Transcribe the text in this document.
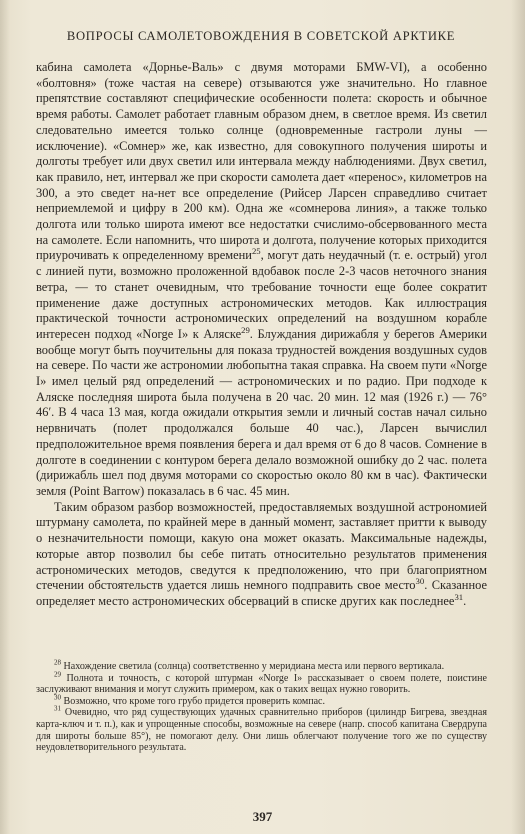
ВОПРОСЫ САМОЛЕТОВОЖДЕНИЯ В СОВЕТСКОЙ АРКТИКЕ

кабина самолета «Дорнье-Валь» с двумя моторами БМW-VI), а особенно «болтовня» (тоже частая на севере) отзываются уже значительно. Но главное препятствие составляют специфические особенности полета: скорость и обычное время работы. Самолет работает главным образом днем, в светлое время. Из светил следовательно имеется только солнце (одновременные гастроли луны — исключение). «Сомнер» же, как известно, для совокупного получения широты и долготы требует или двух светил или интервала между наблюдениями. Двух светил, как правило, нет, интервал же при скорости самолета дает «перенос», километров на 300, а это сведет на-нет все определение (Рийсер Ларсен справедливо считает неприемлемой и цифру в 200 км). Одна же «сомнерова линия», а также только долгота или только широта имеют все недостатки счислимо-обсервованного места на самолете. Если напомнить, что широта и долгота, получение которых приходится приурочивать к определенному времени$^{25}$, могут дать неудачный (т. е. острый) угол с линией пути, возможно проложенной вдобавок после 2-3 часов неточного знания ветра, — то станет очевидным, что требование точности еще более сократит применение даже доступных астрономических методов. Как иллюстрация практической точности астрономических определений на воздушном корабле интересен подход «Norge I» к Аляске$^{29}$. Блуждания дирижабля у берегов Америки вообще могут быть поучительны для показа трудностей вождения воздушных судов на севере. По части же астрономии любопытна такая справка. На своем пути «Norge I» имел целый ряд определений — астрономических и по радио. При подходе к Аляске последняя широта была получена в 20 час. 20 мин. 12 мая (1926 г.) — 76° 46′. В 4 часа 13 мая, когда ожидали открытия земли и личный состав начал сильно нервничать (полет продолжался больше 40 час.), Ларсен вычислил предположительное время появления берега и дал время от 6 до 8 часов. Сомнение в долготе в соединении с контуром берега делало возможной ошибку до 2 час. полета (дирижабль шел под двумя моторами со скоростью около 80 км в час). Фактически земля (Point Barrow) показалась в 6 час. 45 мин.

Таким образом разбор возможностей, предоставляемых воздушной астрономией штурману самолета, по крайней мере в данный момент, заставляет притти к выводу о незначительности помощи, какую она может оказать. Максимальные надежды, которые автор позволил бы себе питать относительно результатов применения астрономических методов, сведутся к предположению, что при благоприятном стечении обстоятельств удается лишь немного подправить свое место$^{30}$. Сказанное определяет место астрономических обсерваций в списке других как последнее$^{31}$.

$^{28}$ Нахождение светила (солнца) соответственно у меридиана места или первого вертикала.

$^{29}$ Полнота и точность, с которой штурман «Norge I» рассказывает о своем полете, поистине заслуживают внимания и могут служить примером, как о таких вещах нужно говорить.

$^{30}$ Возможно, что кроме того грубо придется проверить компас.

$^{31}$ Очевидно, что ряд существующих удачных сравнительно приборов (цилиндр Бигрева, звездная карта-ключ и т. п.), как и упрощенные способы, возможные на севере (напр. способ капитана Свердрупа для широты больше 85°), не помогают делу. Они лишь облегчают получение того же по существу неудовлетворительного результата.

397
